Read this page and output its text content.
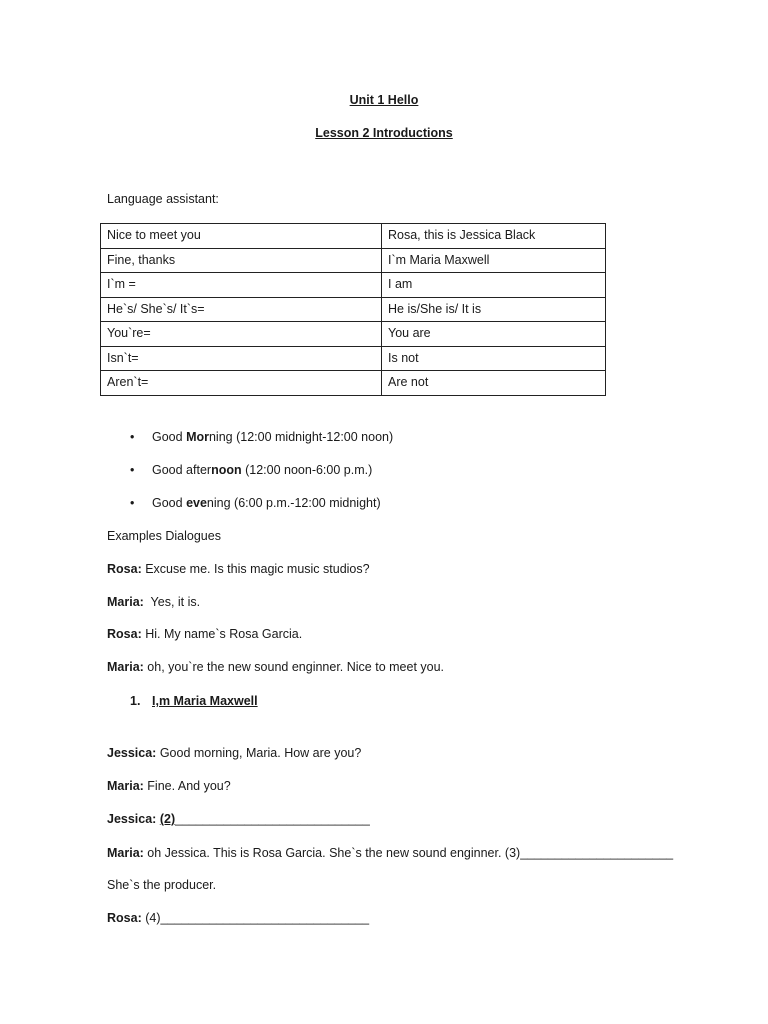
Unit 1 Hello
Lesson 2 Introductions
Language assistant:
Nice to meet you	Rosa, this is Jessica Black
Fine, thanks	I`m Maria Maxwell
I`m =	I am
He`s/ She`s/ It`s=	He is/She is/ It is
You`re=	You are
Isn`t=	Is not
Aren`t=	Are not
• Good Morning (12:00 midnight-12:00 noon)
• Good afternoon (12:00 noon-6:00 p.m.)
• Good evening (6:00 p.m.-12:00 midnight)
Examples Dialogues
Rosa: Excuse me. Is this magic music studios?
Maria:  Yes, it is.
Rosa: Hi. My name`s Rosa Garcia.
Maria: oh, you`re the new sound enginner. Nice to meet you.
1. I,m Maria Maxwell
Jessica: Good morning, Maria. How are you?
Maria: Fine. And you?
Jessica: (2)____________________________
Maria: oh Jessica. This is Rosa Garcia. She`s the new sound enginner. (3)______________________
She`s the producer.
Rosa: (4)______________________________
